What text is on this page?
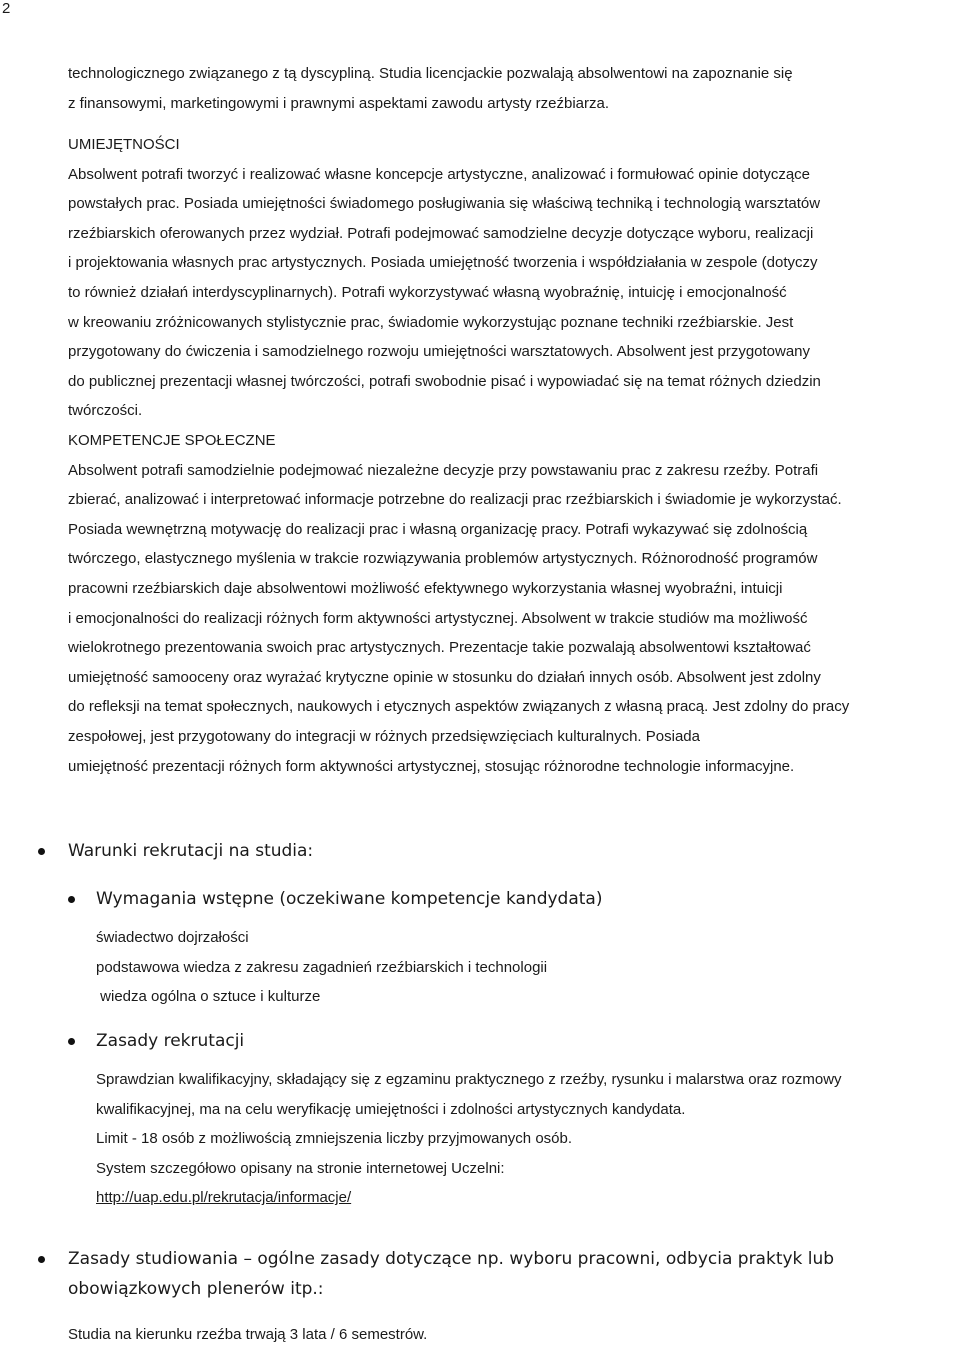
2
technologicznego związanego z tą dyscypliną. Studia licencjackie pozwalają absolwentowi na zapoznanie się
z finansowymi, marketingowymi i prawnymi aspektami zawodu artysty rzeźbiarza.
UMIEJĘTNOŚCI
Absolwent potrafi tworzyć i realizować własne koncepcje artystyczne, analizować i formułować opinie dotyczące
powstałych prac. Posiada umiejętności świadomego posługiwania się właściwą techniką i technologią warsztatów
rzeźbiarskich oferowanych przez wydział. Potrafi podejmować samodzielne decyzje dotyczące wyboru, realizacji
i projektowania własnych prac artystycznych. Posiada umiejętność tworzenia i współdziałania w zespole (dotyczy
to również działań interdyscyplinarnych). Potrafi wykorzystywać własną wyobraźnię, intuicję i emocjonalność
w kreowaniu zróżnicowanych stylistycznie prac, świadomie wykorzystując poznane techniki rzeźbiarskie. Jest
przygotowany do ćwiczenia i samodzielnego rozwoju umiejętności warsztatowych. Absolwent jest przygotowany
do publicznej prezentacji własnej twórczości, potrafi swobodnie pisać i wypowiadać się na temat różnych dziedzin
twórczości.
KOMPETENCJE SPOŁECZNE
Absolwent potrafi samodzielnie podejmować niezależne decyzje przy powstawaniu prac z zakresu rzeźby. Potrafi
zbierać, analizować i interpretować informacje potrzebne do realizacji prac rzeźbiarskich i świadomie je wykorzystać.
Posiada wewnętrzną motywację do realizacji prac i własną organizację pracy. Potrafi wykazywać się zdolnością
twórczego, elastycznego myślenia w trakcie rozwiązywania problemów artystycznych. Różnorodność programów
pracowni rzeźbiarskich daje absolwentowi możliwość efektywnego wykorzystania własnej wyobraźni, intuicji
i emocjonalności do realizacji różnych form aktywności artystycznej. Absolwent w trakcie studiów ma możliwość
wielokrotnego prezentowania swoich prac artystycznych. Prezentacje takie pozwalają absolwentowi kształtować
umiejętność samooceny oraz wyrażać krytyczne opinie w stosunku do działań innych osób. Absolwent jest zdolny
do refleksji na temat społecznych, naukowych i etycznych aspektów związanych z własną pracą. Jest zdolny do pracy
zespołowej, jest przygotowany do integracji w różnych przedsięwzięciach kulturalnych. Posiada
umiejętność prezentacji różnych form aktywności artystycznej, stosując różnorodne technologie informacyjne.
Warunki rekrutacji na studia:
Wymagania wstępne (oczekiwane kompetencje kandydata)
świadectwo dojrzałości
podstawowa wiedza z zakresu zagadnień rzeźbiarskich i technologii
wiedza ogólna o sztuce i kulturze
Zasady rekrutacji
Sprawdzian kwalifikacyjny, składający się z egzaminu praktycznego z rzeźby, rysunku i malarstwa oraz rozmowy
kwalifikacyjnej, ma na celu weryfikację umiejętności i zdolności artystycznych kandydata.
Limit - 18 osób z możliwością zmniejszenia liczby przyjmowanych osób.
System szczegółowo opisany na stronie internetowej Uczelni:
http://uap.edu.pl/rekrutacja/informacje/
Zasady studiowania – ogólne zasady dotyczące np. wyboru pracowni, odbycia praktyk lub
obowiązkowych plenerów itp.:
Studia na kierunku rzeźba trwają 3 lata / 6 semestrów.
